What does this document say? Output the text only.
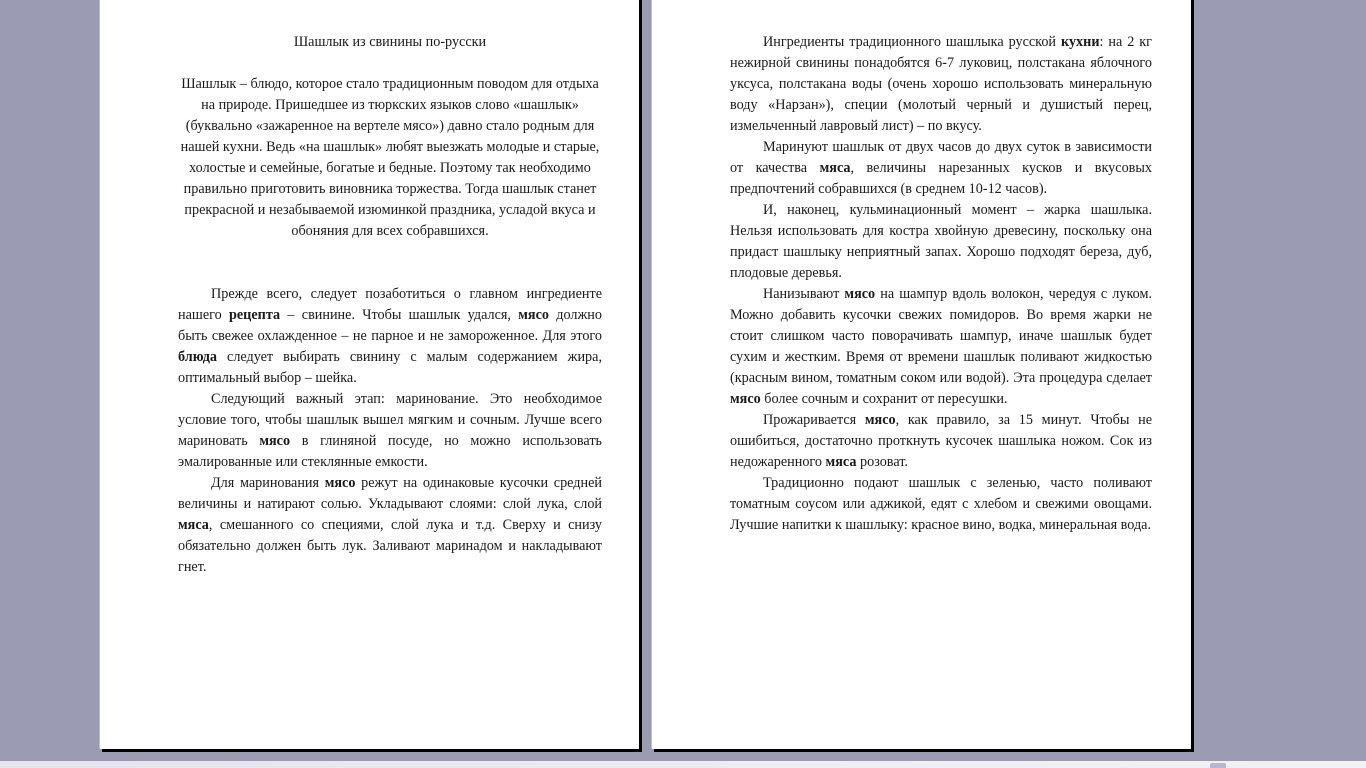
Шашлык из свинины по-русски

Шашлык – блюдо, которое стало традиционным поводом для отдыха на природе. Пришедшее из тюркских языков слово «шашлык» (буквально «зажаренное на вертеле мясо») давно стало родным для нашей кухни. Ведь «на шашлык» любят выезжать молодые и старые, холостые и семейные, богатые и бедные. Поэтому так необходимо правильно приготовить виновника торжества. Тогда шашлык станет прекрасной и незабываемой изюминкой праздника, усладой вкуса и обоняния для всех собравшихся.

Прежде всего, следует позаботиться о главном ингредиенте нашего рецепта – свинине. Чтобы шашлык удался, мясо должно быть свежее охлажденное – не парное и не замороженное. Для этого блюда следует выбирать свинину с малым содержанием жира, оптимальный выбор – шейка.

Следующий важный этап: маринование. Это необходимое условие того, чтобы шашлык вышел мягким и сочным. Лучше всего мариновать мясо в глиняной посуде, но можно использовать эмалированные или стеклянные емкости.

Для маринования мясо режут на одинаковые кусочки средней величины и натирают солью. Укладывают слоями: слой лука, слой мяса, смешанного со специями, слой лука и т.д. Сверху и снизу обязательно должен быть лук. Заливают маринадом и накладывают гнет.

Ингредиенты традиционного шашлыка русской кухни: на 2 кг нежирной свинины понадобятся 6-7 луковиц, полстакана яблочного уксуса, полстакана воды (очень хорошо использовать минеральную воду «Нарзан»), специи (молотый черный и душистый перец, измельченный лавровый лист) – по вкусу.

Маринуют шашлык от двух часов до двух суток в зависимости от качества мяса, величины нарезанных кусков и вкусовых предпочтений собравшихся (в среднем 10-12 часов).

И, наконец, кульминационный момент – жарка шашлыка. Нельзя использовать для костра хвойную древесину, поскольку она придаст шашлыку неприятный запах. Хорошо подходят береза, дуб, плодовые деревья.

Нанизывают мясо на шампур вдоль волокон, чередуя с луком. Можно добавить кусочки свежих помидоров. Во время жарки не стоит слишком часто поворачивать шампур, иначе шашлык будет сухим и жестким. Время от времени шашлык поливают жидкостью (красным вином, томатным соком или водой). Эта процедура сделает мясо более сочным и сохранит от пересушки.

Прожаривается мясо, как правило, за 15 минут. Чтобы не ошибиться, достаточно проткнуть кусочек шашлыка ножом. Сок из недожаренного мяса розоват.

Традиционно подают шашлык с зеленью, часто поливают томатным соусом или аджикой, едят с хлебом и свежими овощами. Лучшие напитки к шашлыку: красное вино, водка, минеральная вода.
